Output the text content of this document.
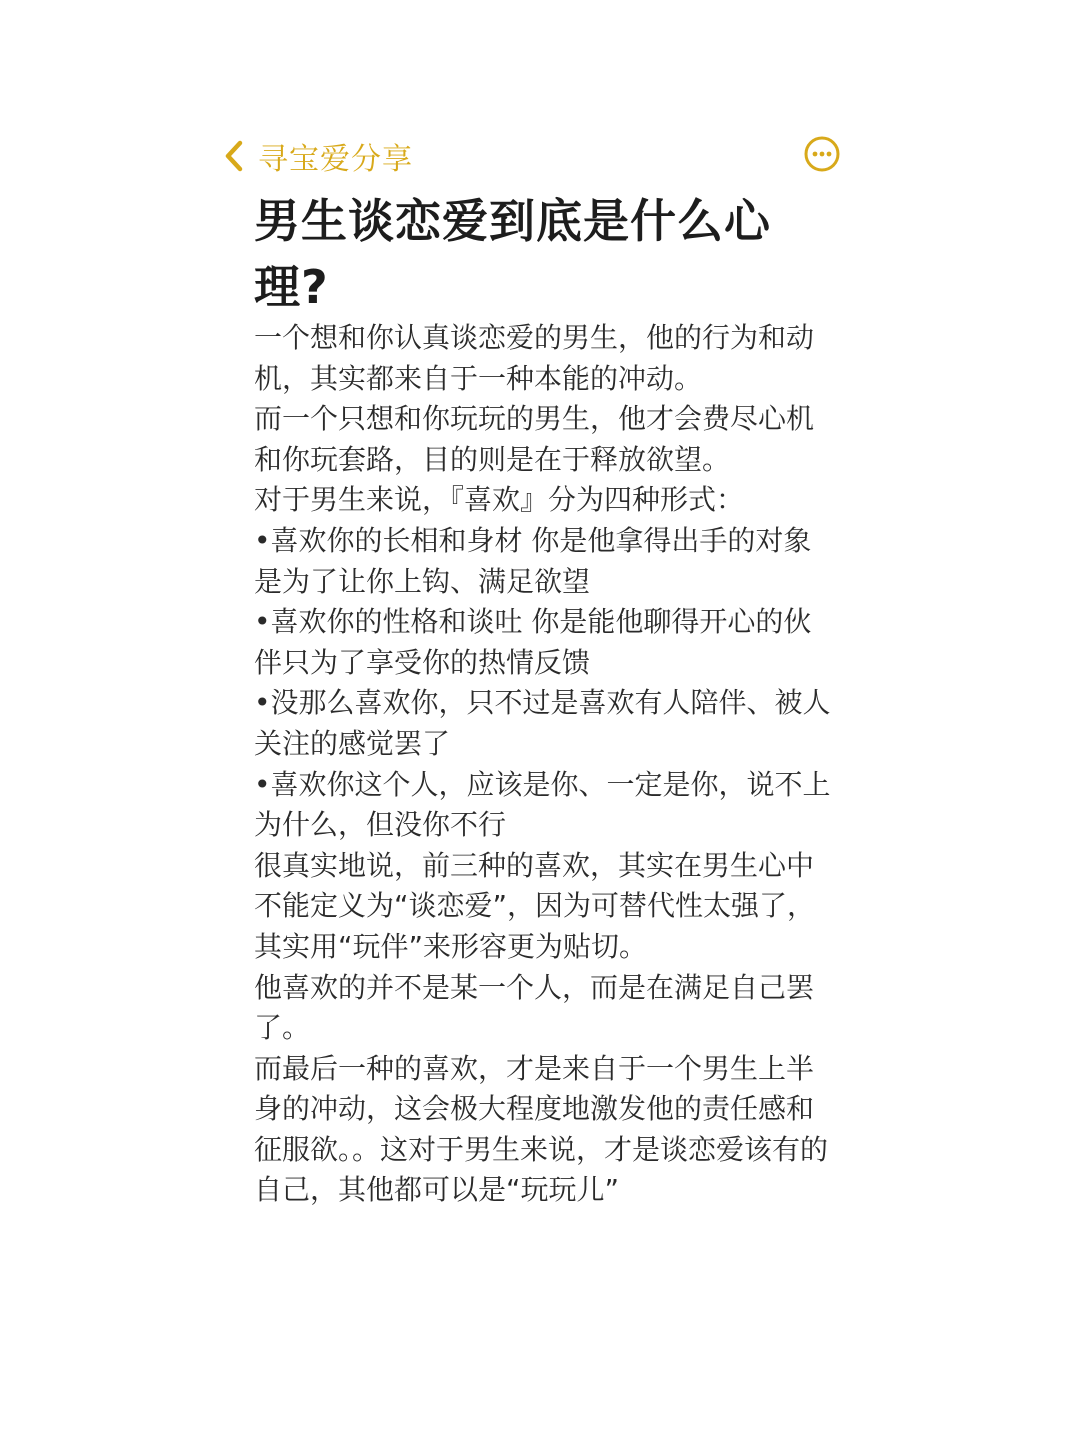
寻宝爱分享
男生谈恋爱到底是什么心理?

一个想和你认真谈恋爱的男生，他的行为和动机，其实都来自于一种本能的冲动。

而一个只想和你玩玩的男生，他才会费尽心机和你玩套路，目的则是在于释放欲望。

对于男生来说，『喜欢』分为四种形式：

•喜欢你的长相和身材 你是他拿得出手的对象是为了让你上钩、满足欲望

•喜欢你的性格和谈吐 你是能他聊得开心的伙伴只为了享受你的热情反馈

•没那么喜欢你，只不过是喜欢有人陪伴、被人关注的感觉罢了

•喜欢你这个人，应该是你、一定是你，说不上为什么，但没你不行

很真实地说，前三种的喜欢，其实在男生心中不能定义为“谈恋爱”，因为可替代性太强了，其实用“玩伴”来形容更为贴切。

他喜欢的并不是某一个人，而是在满足自己罢了。

而最后一种的喜欢，才是来自于一个男生上半身的冲动，这会极大程度地激发他的责任感和征服欲。。这对于男生来说，才是谈恋爱该有的自己，其他都可以是“玩玩儿”
